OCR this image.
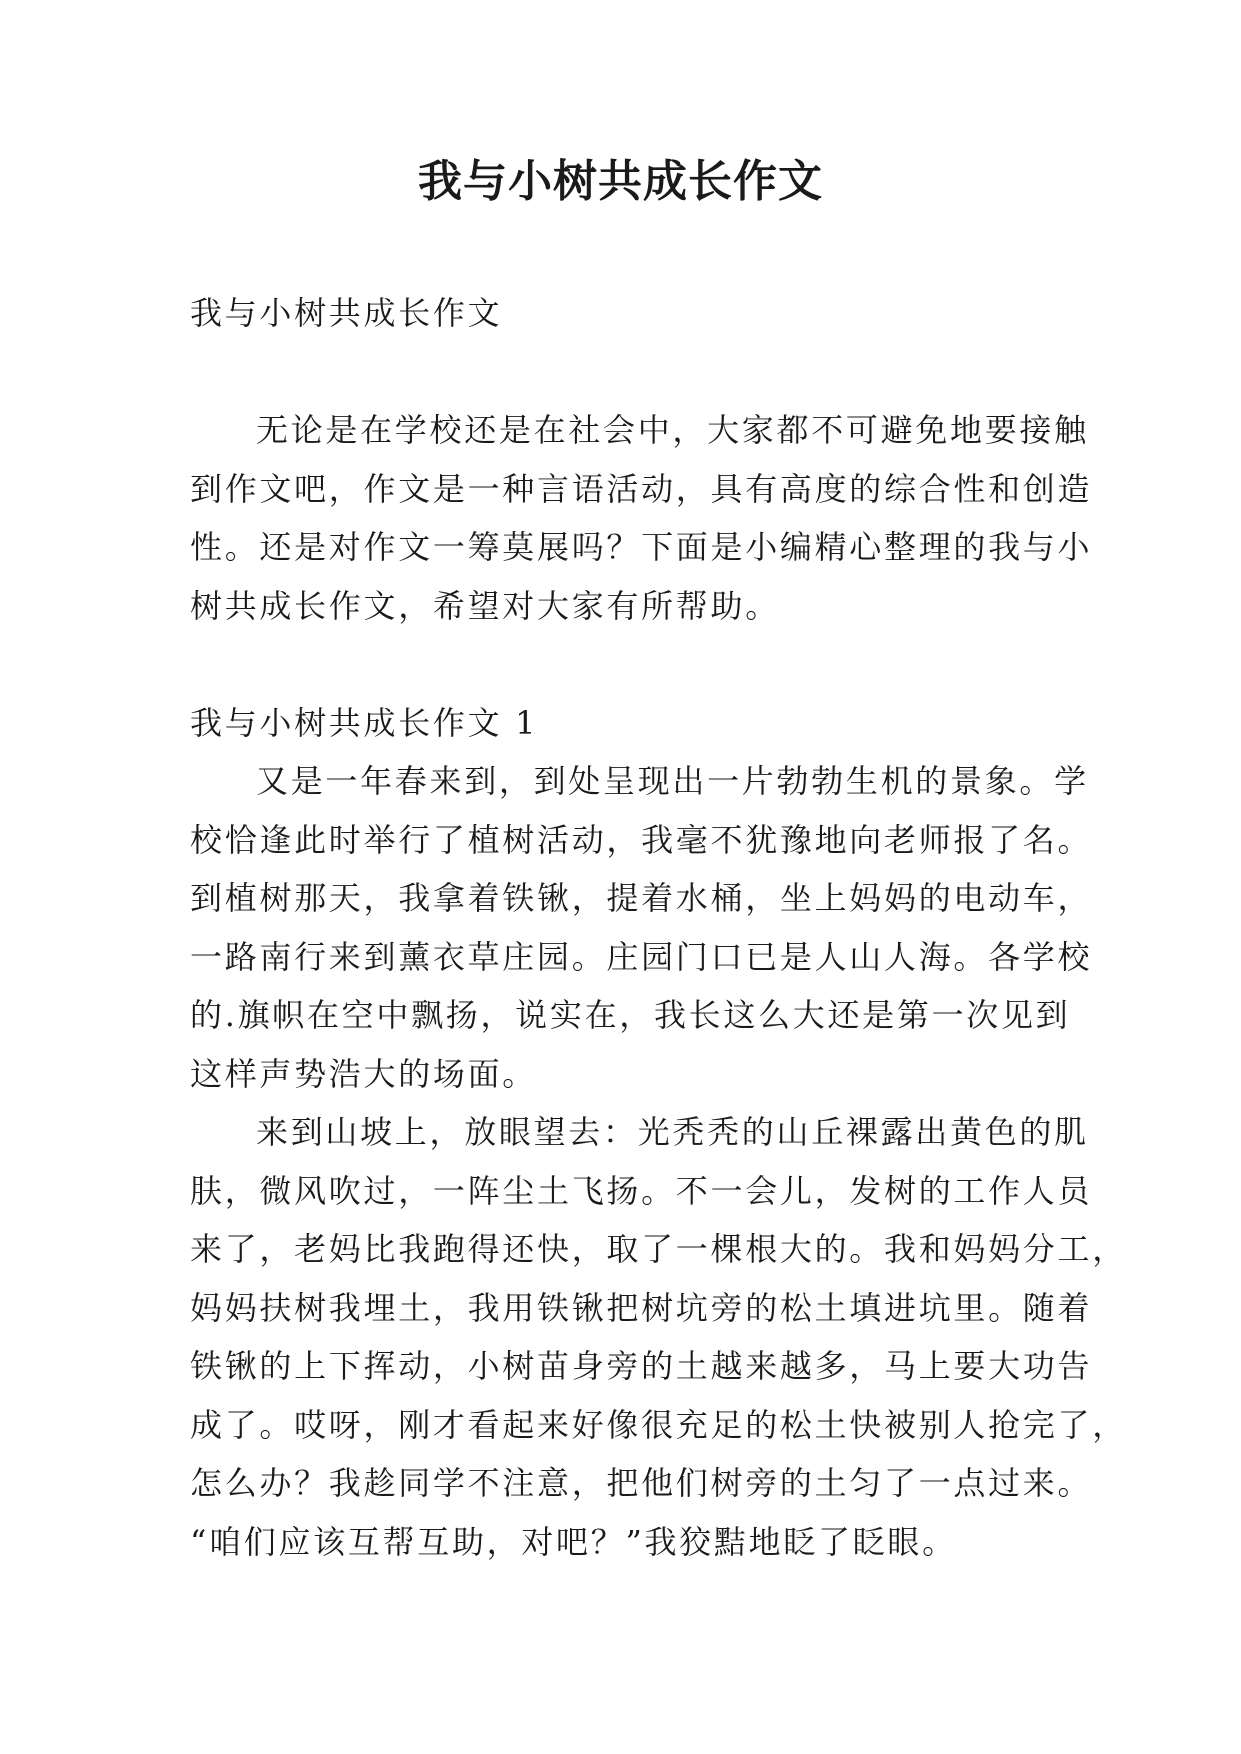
我与小树共成长作文
我与小树共成长作文
无论是在学校还是在社会中，大家都不可避免地要接触
到作文吧，作文是一种言语活动，具有高度的综合性和创造
性。还是对作文一筹莫展吗？下面是小编精心整理的我与小
树共成长作文，希望对大家有所帮助。
我与小树共成长作文 1
又是一年春来到，到处呈现出一片勃勃生机的景象。学
校恰逢此时举行了植树活动，我毫不犹豫地向老师报了名。
到植树那天，我拿着铁锹，提着水桶，坐上妈妈的电动车，
一路南行来到薰衣草庄园。庄园门口已是人山人海。各学校
的.旗帜在空中飘扬，说实在，我长这么大还是第一次见到
这样声势浩大的场面。
来到山坡上，放眼望去：光秃秃的山丘裸露出黄色的肌
肤，微风吹过，一阵尘土飞扬。不一会儿，发树的工作人员
来了，老妈比我跑得还快，取了一棵根大的。我和妈妈分工，
妈妈扶树我埋土，我用铁锹把树坑旁的松土填进坑里。随着
铁锹的上下挥动，小树苗身旁的土越来越多，马上要大功告
成了。哎呀，刚才看起来好像很充足的松土快被别人抢完了，
怎么办？我趁同学不注意，把他们树旁的土匀了一点过来。
“咱们应该互帮互助，对吧？”我狡黠地眨了眨眼。
